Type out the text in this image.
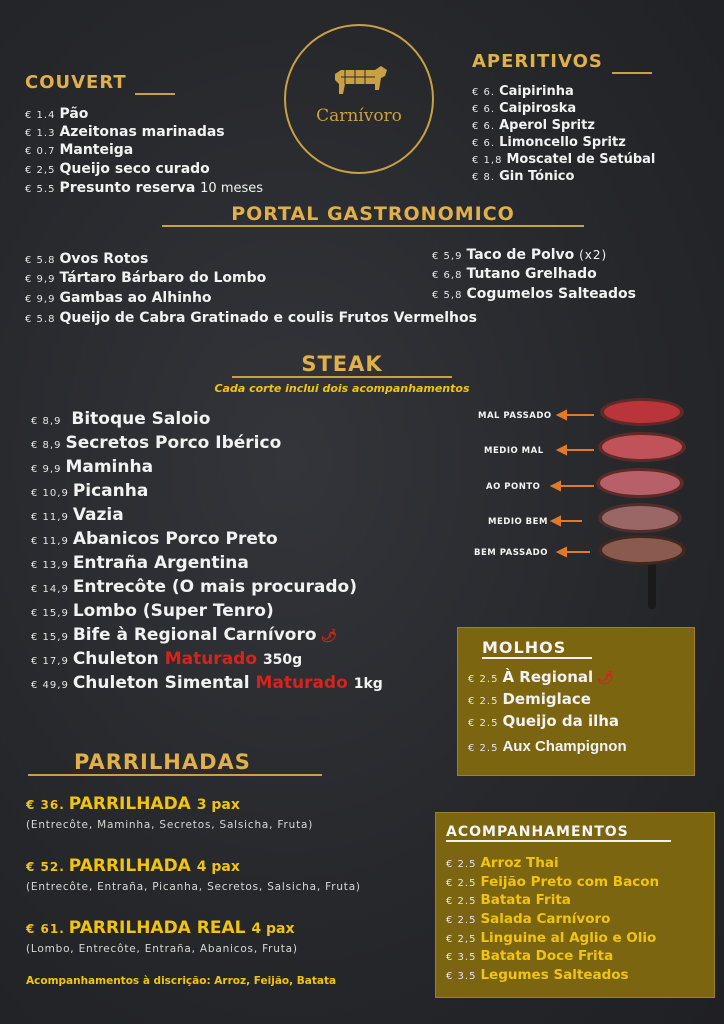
Carnívoro
COUVERT
€ 1.4 Pão
€ 1.3 Azeitonas marinadas
€ 0.7 Manteiga
€ 2,5 Queijo seco curado
€ 5.5 Presunto reserva 10 meses
APERITIVOS
€ 6. Caipirinha
€ 6. Caipiroska
€ 6. Aperol Spritz
€ 6. Limoncello Spritz
€ 1,8 Moscatel de Setúbal
€ 8. Gin Tónico
PORTAL GASTRONOMICO
€ 5.8 Ovos Rotos
€ 9,9 Tártaro Bárbaro do Lombo
€ 9,9 Gambas ao Alhinho
€ 5.8 Queijo de Cabra Gratinado e coulis Frutos Vermelhos
€ 5,9 Taco de Polvo (x2)
€ 6,8 Tutano Grelhado
€ 5,8 Cogumelos Salteados
STEAK
Cada corte inclui dois acompanhamentos
€ 8,9 Bitoque Saloio
€ 8,9 Secretos Porco Ibérico
€ 9,9 Maminha
€ 10,9 Picanha
€ 11,9 Vazia
€ 11,9 Abanicos Porco Preto
€ 13,9 Entraña Argentina
€ 14,9 Entrecôte (O mais procurado)
€ 15,9 Lombo (Super Tenro)
€ 15,9 Bife à Regional Carnívoro 🌶
€ 17,9 Chuleton Maturado 350g
€ 49,9 Chuleton Simental Maturado 1kg
MAL PASSADO
MEDIO MAL
AO PONTO
MEDIO BEM
BEM PASSADO
MOLHOS
€ 2.5 À Regional 🌶
€ 2.5 Demiglace
€ 2.5 Queijo da ilha
€ 2.5 Aux Champignon
PARRILHADAS
€ 36. PARRILHADA 3 pax
(Entrecôte, Maminha, Secretos, Salsicha, Fruta)
€ 52. PARRILHADA 4 pax
(Entrecôte, Entraña, Picanha, Secretos, Salsicha, Fruta)
€ 61. PARRILHADA REAL 4 pax
(Lombo, Entrecôte, Entraña, Abanicos, Fruta)
Acompanhamentos à discrição: Arroz, Feijão, Batata
ACOMPANHAMENTOS
€ 2.5 Arroz Thai
€ 2.5 Feijão Preto com Bacon
€ 2.5 Batata Frita
€ 2.5 Salada Carnívoro
€ 2,5 Linguine al Aglio e Olio
€ 3.5 Batata Doce Frita
€ 3.5 Legumes Salteados
